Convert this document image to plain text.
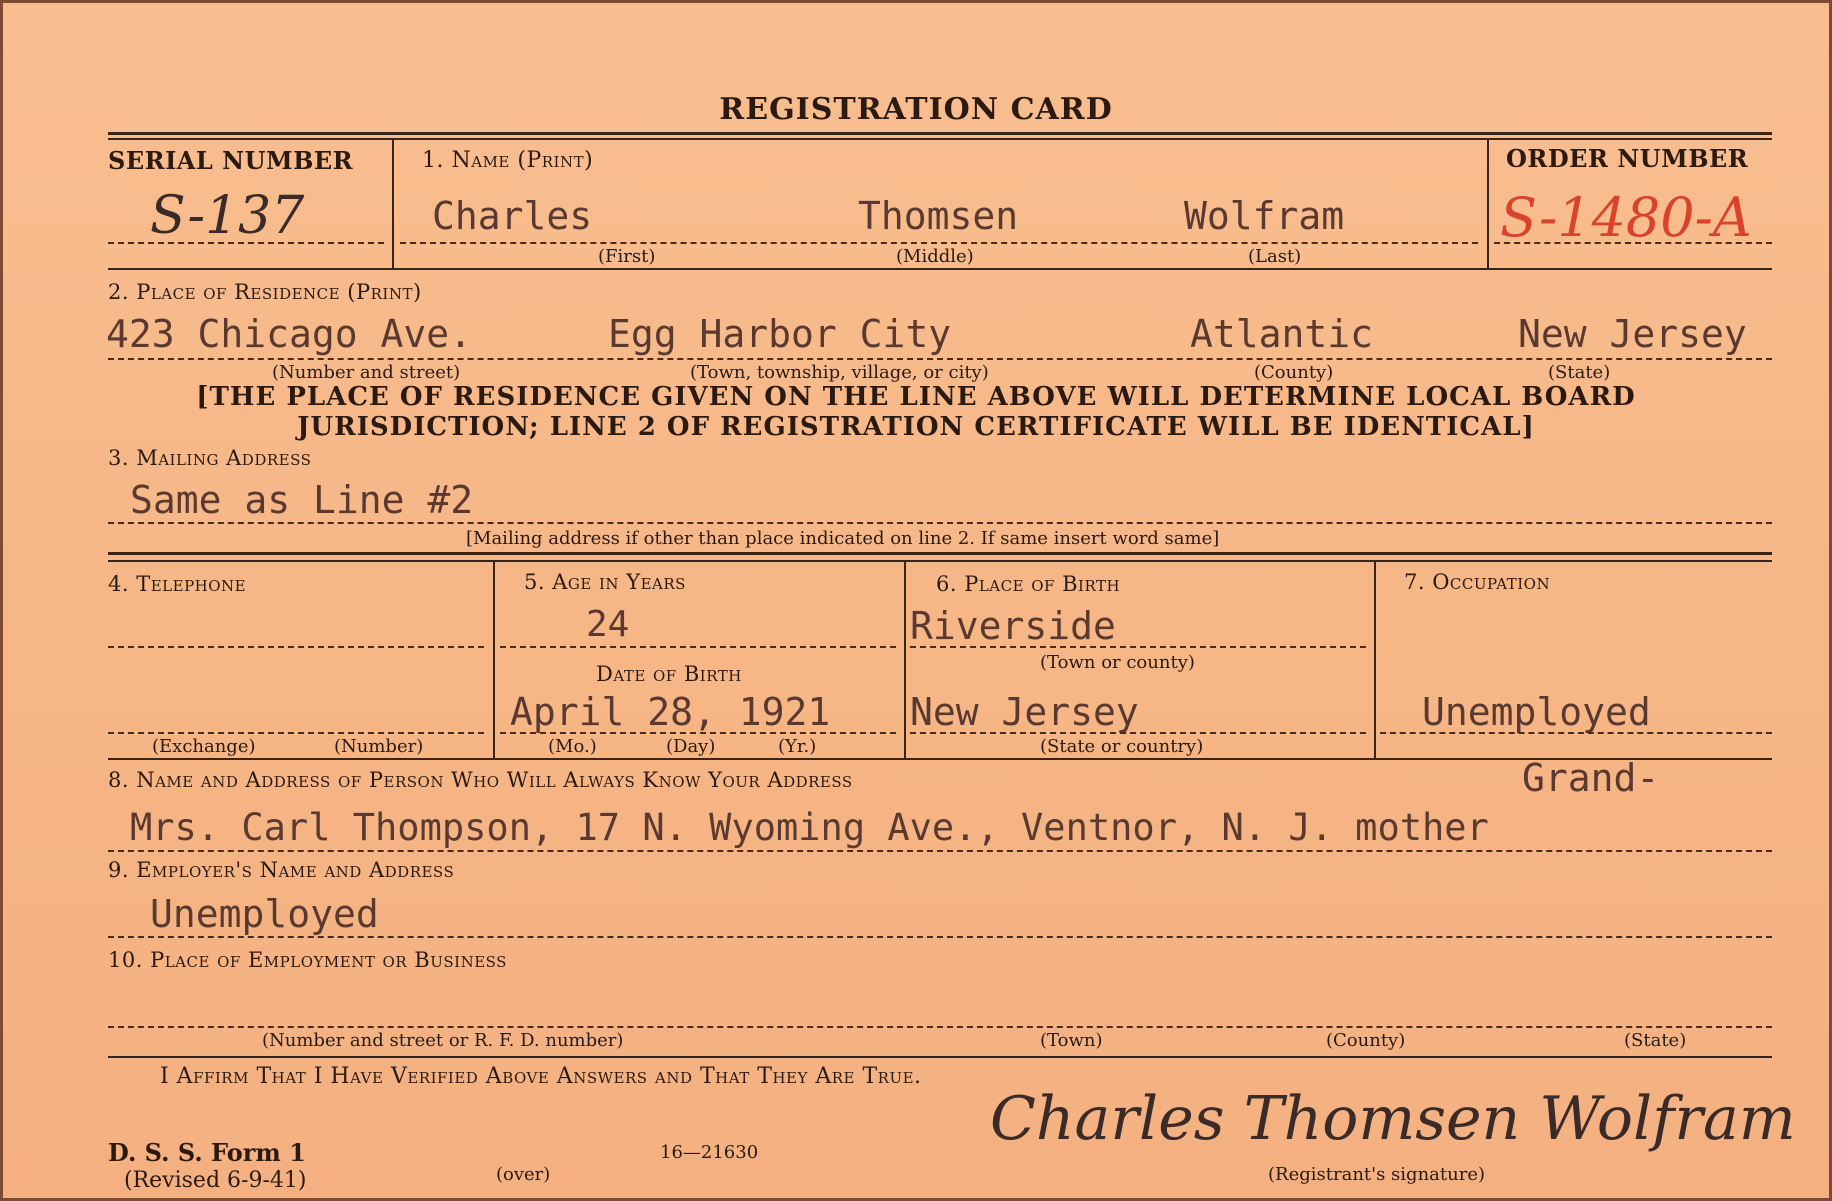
REGISTRATION CARD
SERIAL NUMBER
S-137
1. Name (Print)
Charles	Thomsen	Wolfram
(First)	(Middle)	(Last)
ORDER NUMBER
S-1480-A
2. Place of Residence (Print)
423 Chicago Ave.	Egg Harbor City	Atlantic	New Jersey
(Number and street)	(Town, township, village, or city)	(County)	(State)
[THE PLACE OF RESIDENCE GIVEN ON THE LINE ABOVE WILL DETERMINE LOCAL BOARD
JURISDICTION; LINE 2 OF REGISTRATION CERTIFICATE WILL BE IDENTICAL]
3. Mailing Address
Same as Line #2
[Mailing address if other than place indicated on line 2. If same insert word same]
4. Telephone
(Exchange)	(Number)
5. Age in Years
24
Date of Birth
April 28, 1921
(Mo.)	(Day)	(Yr.)
6. Place of Birth
Riverside
(Town or county)
New Jersey
(State or country)
7. Occupation
Unemployed
8. Name and Address of Person Who Will Always Know Your Address	Grand-
Mrs. Carl Thompson, 17 N. Wyoming Ave., Ventnor, N. J. mother
9. Employer's Name and Address
Unemployed
10. Place of Employment or Business
(Number and street or R. F. D. number)	(Town)	(County)	(State)
I Affirm That I Have Verified Above Answers and That They Are True.
D. S. S. Form 1
(Revised 6-9-41)	(over)
16—21630	Charles Thomsen Wolfram
(Registrant's signature)
